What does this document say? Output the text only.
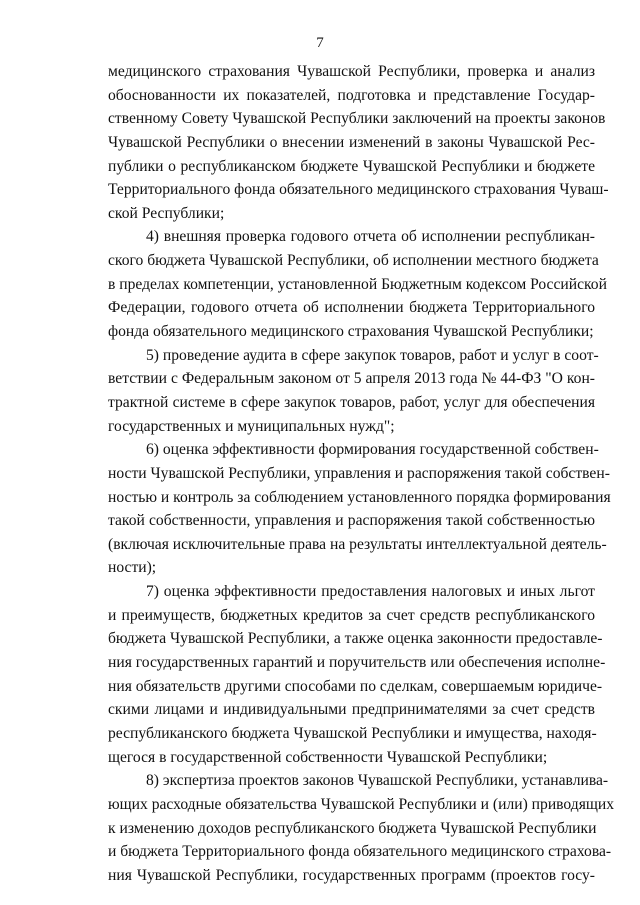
7
медицинского страхования Чувашской Республики, проверка и анализ
обоснованности их показателей, подготовка и представление Государ-
ственному Совету Чувашской Республики заключений на проекты законов
Чувашской Республики о внесении изменений в законы Чувашской Рес-
публики о республиканском бюджете Чувашской Республики и бюджете
Территориального фонда обязательного медицинского страхования Чуваш-
ской Республики;
4) внешняя проверка годового отчета об исполнении республикан-
ского бюджета Чувашской Республики, об исполнении местного бюджета
в пределах компетенции, установленной Бюджетным кодексом Российской
Федерации, годового отчета об исполнении бюджета Территориального
фонда обязательного медицинского страхования Чувашской Республики;
5) проведение аудита в сфере закупок товаров, работ и услуг в соот-
ветствии с Федеральным законом от 5 апреля 2013 года № 44-ФЗ "О кон-
трактной системе в сфере закупок товаров, работ, услуг для обеспечения
государственных и муниципальных нужд";
6) оценка эффективности формирования государственной собствен-
ности Чувашской Республики, управления и распоряжения такой собствен-
ностью и контроль за соблюдением установленного порядка формирования
такой собственности, управления и распоряжения такой собственностью
(включая исключительные права на результаты интеллектуальной деятель-
ности);
7) оценка эффективности предоставления налоговых и иных льгот
и преимуществ, бюджетных кредитов за счет средств республиканского
бюджета Чувашской Республики, а также оценка законности предоставле-
ния государственных гарантий и поручительств или обеспечения исполне-
ния обязательств другими способами по сделкам, совершаемым юридиче-
скими лицами и индивидуальными предпринимателями за счет средств
республиканского бюджета Чувашской Республики и имущества, находя-
щегося в государственной собственности Чувашской Республики;
8) экспертиза проектов законов Чувашской Республики, устанавлива-
ющих расходные обязательства Чувашской Республики и (или) приводящих
к изменению доходов республиканского бюджета Чувашской Республики
и бюджета Территориального фонда обязательного медицинского страхова-
ния Чувашской Республики, государственных программ (проектов госу-
